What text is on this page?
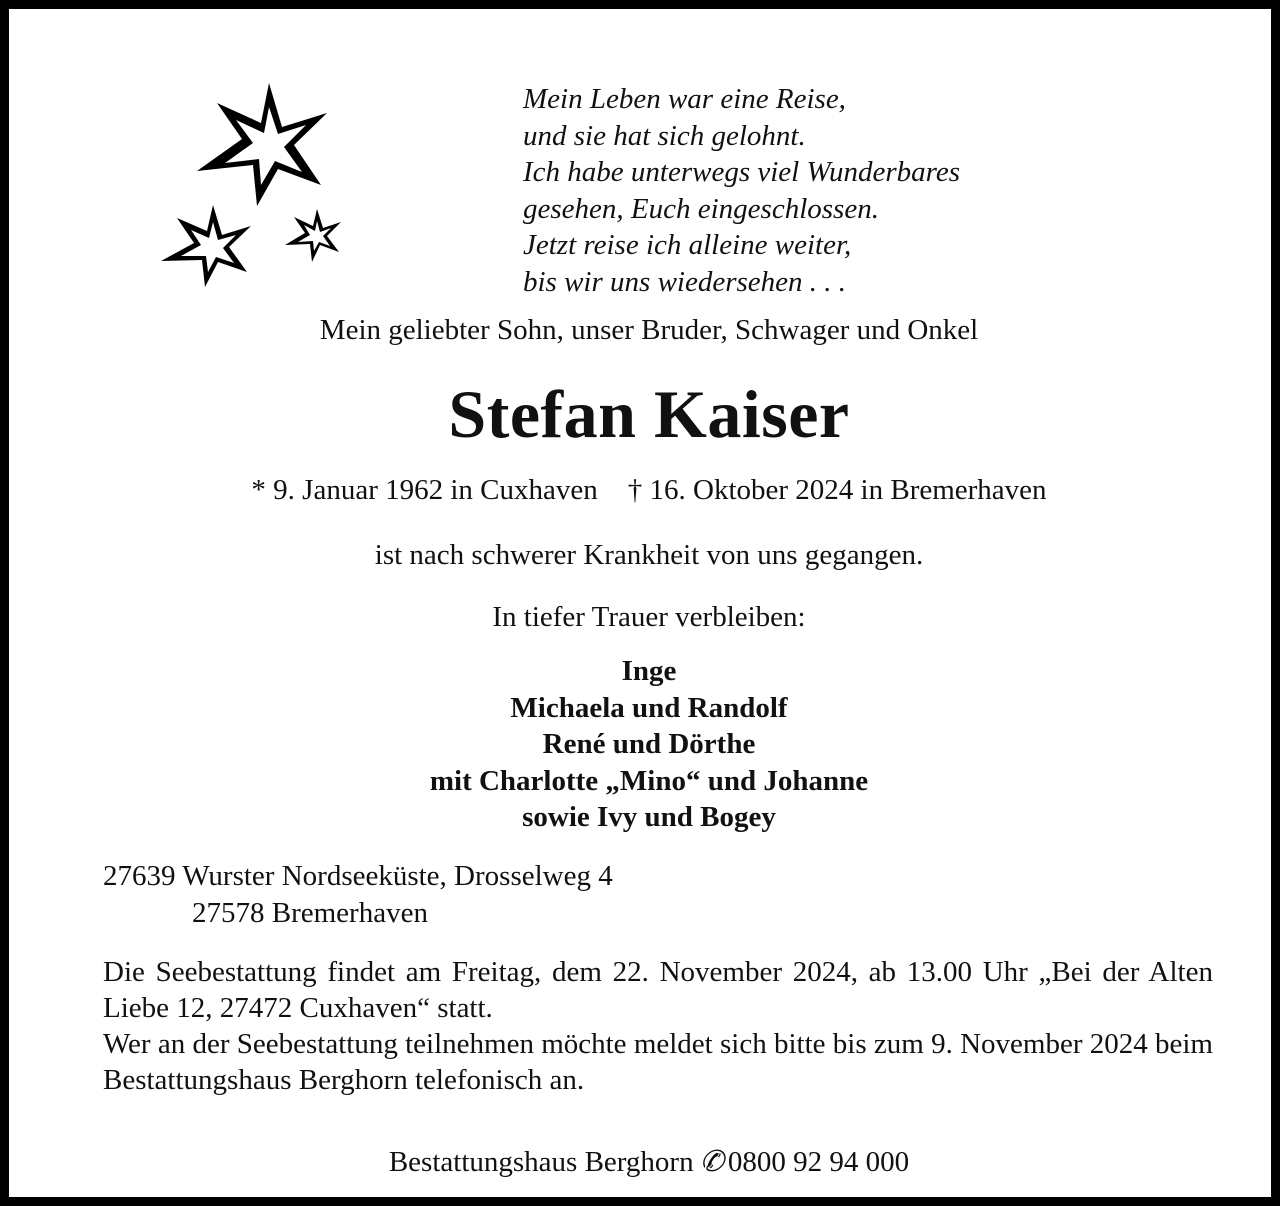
Mein Leben war eine Reise,
und sie hat sich gelohnt.
Ich habe unterwegs viel Wunderbares
gesehen, Euch eingeschlossen.
Jetzt reise ich alleine weiter,
bis wir uns wiedersehen . . .
Mein geliebter Sohn, unser Bruder, Schwager und Onkel
Stefan Kaiser
* 9. Januar 1962 in Cuxhaven † 16. Oktober 2024 in Bremerhaven
ist nach schwerer Krankheit von uns gegangen.
In tiefer Trauer verbleiben:
Inge
Michaela und Randolf
René und Dörthe
mit Charlotte „Mino“ und Johanne
sowie Ivy und Bogey
27639 Wurster Nordseeküste, Drosselweg 4
27578 Bremerhaven

Die Seebestattung findet am Freitag, dem 22. November 2024, ab 13.00 Uhr „Bei der Alten Liebe 12, 27472 Cuxhaven“ statt.

Wer an der Seebestattung teilnehmen möchte meldet sich bitte bis zum 9. November 2024 beim Bestattungshaus Berghorn telefonisch an.

Bestattungshaus Berghorn ✆ 0800 92 94 000
